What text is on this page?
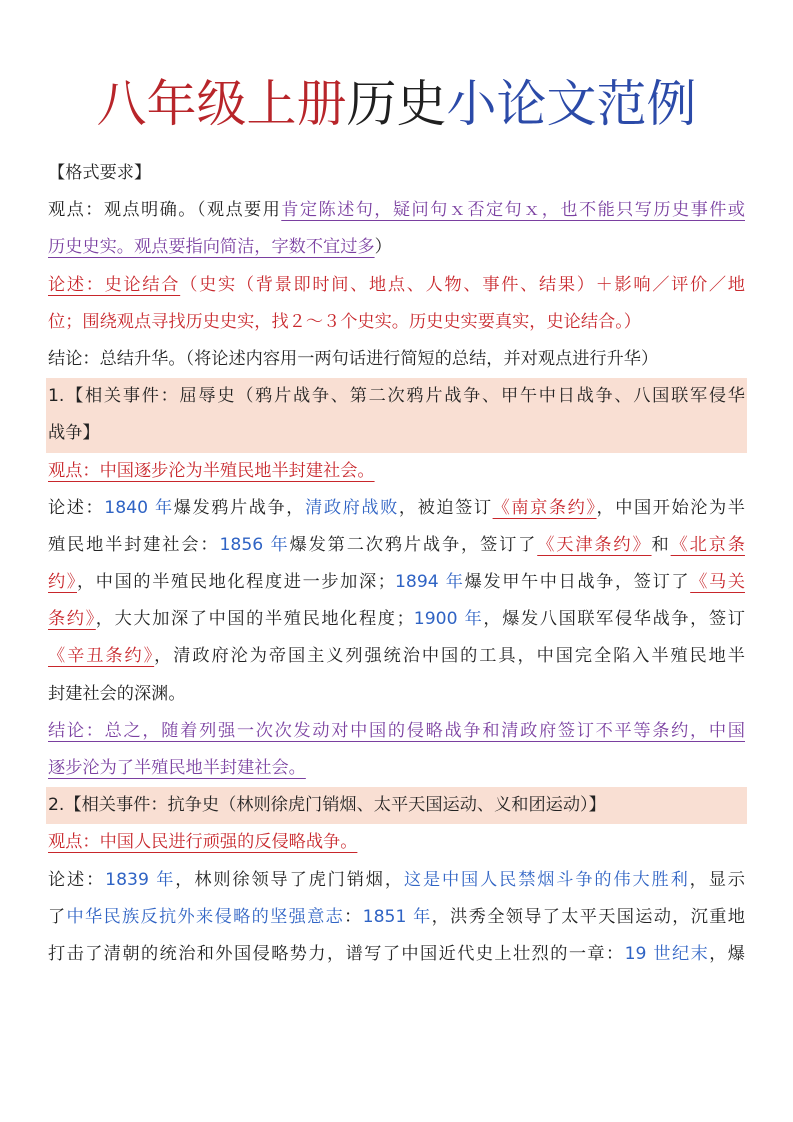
八年级上册历史小论文范例
【格式要求】
观点：观点明确。（观点要用肯定陈述句，疑问句ｘ否定句ｘ，也不能只写历史事件或
历史史实。观点要指向简洁，字数不宜过多）
论述：史论结合（史实（背景即时间、地点、人物、事件、结果）＋影响／评价／地
位；围绕观点寻找历史史实，找２～３个史实。历史史实要真实，史论结合。）
结论：总结升华。（将论述内容用一两句话进行简短的总结，并对观点进行升华）
1.【相关事件：屈辱史（鸦片战争、第二次鸦片战争、甲午中日战争、八国联军侵华
战争】
观点：中国逐步沦为半殖民地半封建社会。
论述：1840 年爆发鸦片战争，清政府战败，被迫签订《南京条约》，中国开始沦为半
殖民地半封建社会：1856 年爆发第二次鸦片战争，签订了《天津条约》和《北京条
约》，中国的半殖民地化程度进一步加深；1894 年爆发甲午中日战争，签订了《马关
条约》，大大加深了中国的半殖民地化程度；1900 年，爆发八国联军侵华战争，签订
《辛丑条约》，清政府沦为帝国主义列强统治中国的工具，中国完全陷入半殖民地半
封建社会的深渊。
结论：总之，随着列强一次次发动对中国的侵略战争和清政府签订不平等条约，中国
逐步沦为了半殖民地半封建社会。
2.【相关事件：抗争史（林则徐虎门销烟、太平天国运动、义和团运动）】
观点：中国人民进行顽强的反侵略战争。
论述：1839 年，林则徐领导了虎门销烟，这是中国人民禁烟斗争的伟大胜利，显示
了中华民族反抗外来侵略的坚强意志：1851 年，洪秀全领导了太平天国运动，沉重地
打击了清朝的统治和外国侵略势力，谱写了中国近代史上壮烈的一章：19 世纪末，爆
